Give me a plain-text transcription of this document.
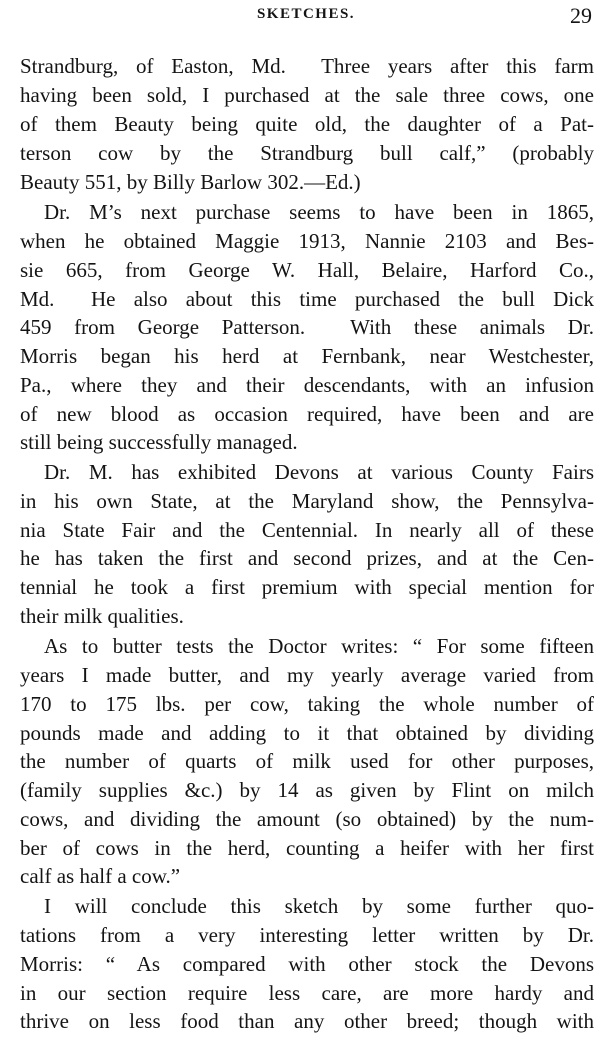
SKETCHES.	29
Strandburg, of Easton, Md.  Three years after this farm
having been sold, I purchased at the sale three cows, one
of them Beauty being quite old, the daughter of a Pat-
terson cow by the Strandburg bull calf,” (probably
Beauty 551, by Billy Barlow 302.—Ed.)
Dr. M’s next purchase seems to have been in 1865,
when he obtained Maggie 1913, Nannie 2103 and Bes-
sie 665, from George W. Hall, Belaire, Harford Co.,
Md.  He also about this time purchased the bull Dick
459 from George Patterson.  With these animals Dr.
Morris began his herd at Fernbank, near Westchester,
Pa., where they and their descendants, with an infusion
of new blood as occasion required, have been and are
still being successfully managed.
Dr. M. has exhibited Devons at various County Fairs
in his own State, at the Maryland show, the Pennsylva-
nia State Fair and the Centennial. In nearly all of these
he has taken the first and second prizes, and at the Cen-
tennial he took a first premium with special mention for
their milk qualities.
As to butter tests the Doctor writes: “ For some fifteen
years I made butter, and my yearly average varied from
170 to 175 lbs. per cow, taking the whole number of
pounds made and adding to it that obtained by dividing
the number of quarts of milk used for other purposes,
(family supplies &c.) by 14 as given by Flint on milch
cows, and dividing the amount (so obtained) by the num-
ber of cows in the herd, counting a heifer with her first
calf as half a cow.”
I will conclude this sketch by some further quo-
tations from a very interesting letter written by Dr.
Morris: “ As compared with other stock the Devons
in our section require less care, are more hardy and
thrive on less food than any other breed; though with
